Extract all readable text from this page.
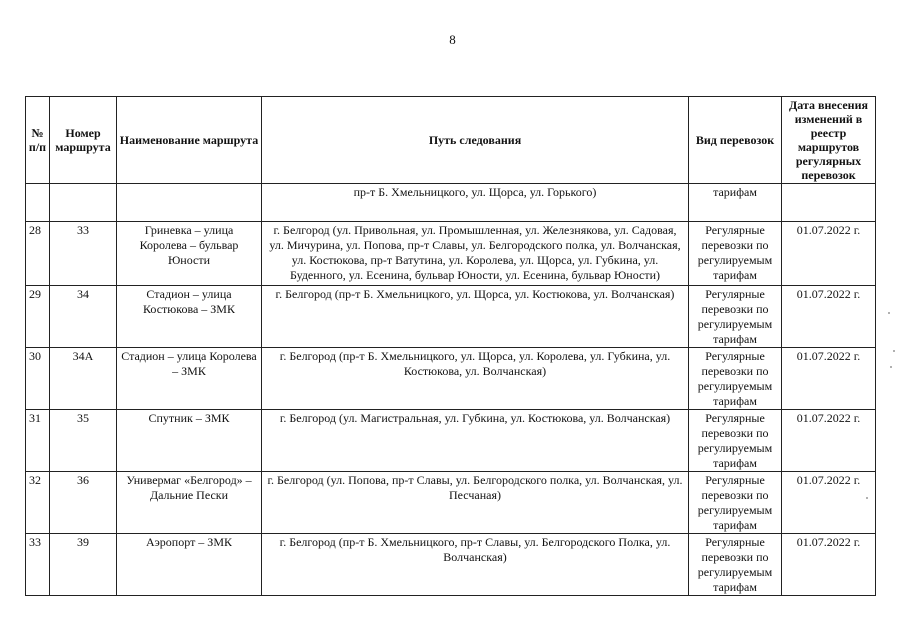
8
№ п/п	Номер маршрута	Наименование маршрута	Путь следования	Вид перевозок	Дата внесения изменений в реестр маршрутов регулярных перевозок
			пр-т Б. Хмельницкого, ул. Щорса, ул. Горького)	тарифам	
28	33	Гриневка – улица Королева – бульвар Юности	г. Белгород (ул. Привольная, ул. Промышленная, ул. Железнякова, ул. Садовая, ул. Мичурина, ул. Попова, пр-т Славы, ул. Белгородского полка, ул. Волчанская, ул. Костюкова, пр-т Ватутина, ул. Королева, ул. Щорса, ул. Губкина, ул. Буденного, ул. Есенина, бульвар Юности, ул. Есенина, бульвар Юности)	Регулярные перевозки по регулируемым тарифам	01.07.2022 г.
29	34	Стадион – улица Костюкова – ЗМК	г. Белгород (пр-т Б. Хмельницкого, ул. Щорса, ул. Костюкова, ул. Волчанская)	Регулярные перевозки по регулируемым тарифам	01.07.2022 г.
30	34А	Стадион – улица Королева – ЗМК	г. Белгород (пр-т Б. Хмельницкого, ул. Щорса, ул. Королева, ул. Губкина, ул. Костюкова, ул. Волчанская)	Регулярные перевозки по регулируемым тарифам	01.07.2022 г.
31	35	Спутник – ЗМК	г. Белгород (ул. Магистральная, ул. Губкина, ул. Костюкова, ул. Волчанская)	Регулярные перевозки по регулируемым тарифам	01.07.2022 г.
32	36	Универмаг «Белгород» – Дальние Пески	г. Белгород (ул. Попова, пр-т Славы, ул. Белгородского полка, ул. Волчанская, ул. Песчаная)	Регулярные перевозки по регулируемым тарифам	01.07.2022 г.
33	39	Аэропорт – ЗМК	г. Белгород (пр-т Б. Хмельницкого, пр-т Славы, ул. Белгородского Полка, ул. Волчанская)	Регулярные перевозки по регулируемым тарифам	01.07.2022 г.
